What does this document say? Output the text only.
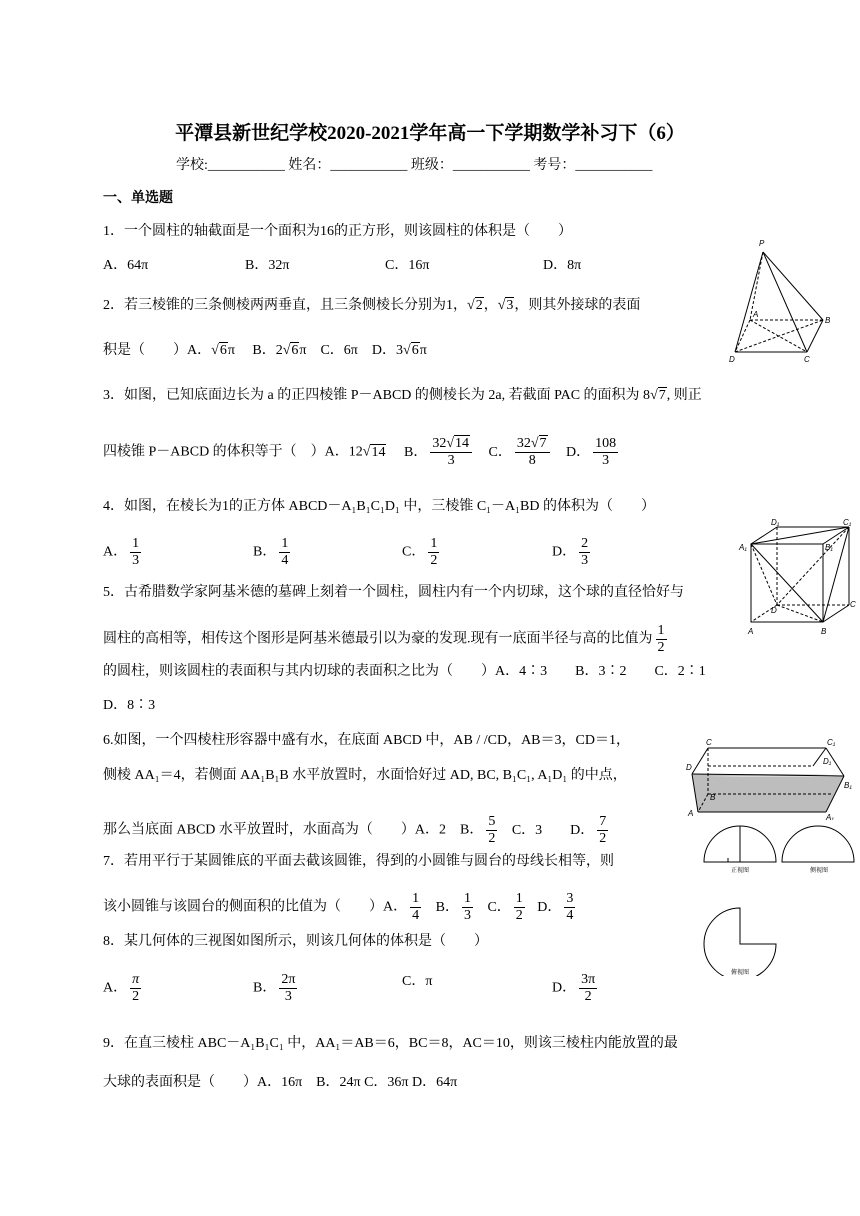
平潭县新世纪学校2020-2021学年高一下学期数学补习下（6）
学校:___________ 姓名：___________ 班级：___________ 考号：___________
一、单选题
1．一个圆柱的轴截面是一个面积为16的正方形，则该圆柱的体积是（　　）
A．64π	B．32π	C．16π	D．8π
2．若三棱锥的三条侧棱两两垂直，且三条侧棱长分别为1，√2，√3，则其外接球的表面
积是（　　）A．√6π　 B．2√6π　C．6π　D．3√6π
3．如图，已知底面边长为 a 的正四棱锥 P－ABCD 的侧棱长为 2a, 若截面 PAC 的面积为 8√7, 则正
四棱锥 P－ABCD 的体积等于（　）A．12√14 B． $\frac{32√14}{3}$ C． $\frac{32√7}{8}$ D． $\frac{108}{3}$
4．如图，在棱长为1的正方体 ABCD－A₁B₁C₁D₁ 中，三棱锥 C₁－A₁BD 的体积为（　　）
A． $\frac{1}{3}$	B． $\frac{1}{4}$	C． $\frac{1}{2}$	D． $\frac{2}{3}$
5．古希腊数学家阿基米德的墓碑上刻着一个圆柱，圆柱内有一个内切球，这个球的直径恰好与
圆柱的高相等，相传这个图形是阿基米德最引以为豪的发现.现有一底面半径与高的比值为 $\frac{1}{2}$
的圆柱，则该圆柱的表面积与其内切球的表面积之比为（　　）A．4∶3　　B．3∶2　　C．2∶1
D．8∶3
6.如图，一个四棱柱形容器中盛有水，在底面 ABCD 中，AB / /CD，AB＝3，CD＝1，
侧棱 AA₁＝4，若侧面 AA₁B₁B 水平放置时，水面恰好过 AD, BC, B₁C₁, A₁D₁ 的中点，
那么当底面 ABCD 水平放置时，水面高为（　　）A．2　B． $\frac{5}{2}$ C．3　　D． $\frac{7}{2}$
7．若用平行于某圆锥底的平面去截该圆锥，得到的小圆锥与圆台的母线长相等，则
该小圆锥与该圆台的侧面积的比值为（　　）A． $\frac{1}{4}$ B． $\frac{1}{3}$ C． $\frac{1}{2}$ D． $\frac{3}{4}$
8．某几何体的三视图如图所示，则该几何体的体积是（　　）
A． $\frac{\pi}{2}$	B． $\frac{2\pi}{3}$	C．π	D． $\frac{3\pi}{2}$
9．在直三棱柱 ABC－A₁B₁C₁ 中，AA₁＝AB＝6，BC＝8，AC＝10，则该三棱柱内能放置的最
大球的表面积是（　　）A．16π　B．24π C．36π D．64π
P
A
B
C
D
D₁	C₁
A₁	B₁
D
C
A	B
C	C₁
D
D₁
B
B₁
A	A₁
正视图	侧视图
俯视图
